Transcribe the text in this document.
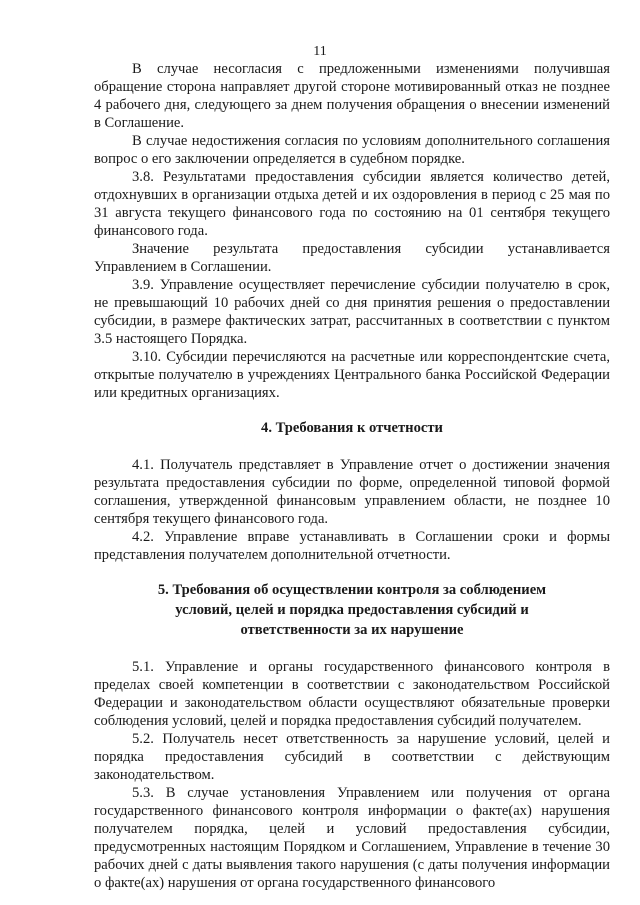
11

В случае несогласия с предложенными изменениями получившая обращение сторона направляет другой стороне мотивированный отказ не позднее 4 рабочего дня, следующего за днем получения обращения о внесении изменений в Соглашение.

В случае недостижения согласия по условиям дополнительного соглашения вопрос о его заключении определяется в судебном порядке.

3.8. Результатами предоставления субсидии является количество детей, отдохнувших в организации отдыха детей и их оздоровления в период с 25 мая по 31 августа текущего финансового года по состоянию на 01 сентября текущего финансового года.

Значение результата предоставления субсидии устанавливается Управлением в Соглашении.

3.9. Управление осуществляет перечисление субсидии получателю в срок, не превышающий 10 рабочих дней со дня принятия решения о предоставлении субсидии, в размере фактических затрат, рассчитанных в соответствии с пунктом 3.5 настоящего Порядка.

3.10. Субсидии перечисляются на расчетные или корреспондентские счета, открытые получателю в учреждениях Центрального банка Российской Федерации или кредитных организациях.

4. Требования к отчетности

4.1. Получатель представляет в Управление отчет о достижении значения результата предоставления субсидии по форме, определенной типовой формой соглашения, утвержденной финансовым управлением области, не позднее 10 сентября текущего финансового года.

4.2. Управление вправе устанавливать в Соглашении сроки и формы представления получателем дополнительной отчетности.

5. Требования об осуществлении контроля за соблюдением
условий, целей и порядка предоставления субсидий и
ответственности за их нарушение

5.1. Управление и органы государственного финансового контроля в пределах своей компетенции в соответствии с законодательством Российской Федерации и законодательством области осуществляют обязательные проверки соблюдения условий, целей и порядка предоставления субсидий получателем.

5.2. Получатель несет ответственность за нарушение условий, целей и порядка предоставления субсидий в соответствии с действующим законодательством.

5.3. В случае установления Управлением или получения от органа государственного финансового контроля информации о факте(ах) нарушения получателем порядка, целей и условий предоставления субсидии, предусмотренных настоящим Порядком и Соглашением, Управление в течение 30 рабочих дней с даты выявления такого нарушения (с даты получения информации о факте(ах) нарушения от органа государственного финансового
